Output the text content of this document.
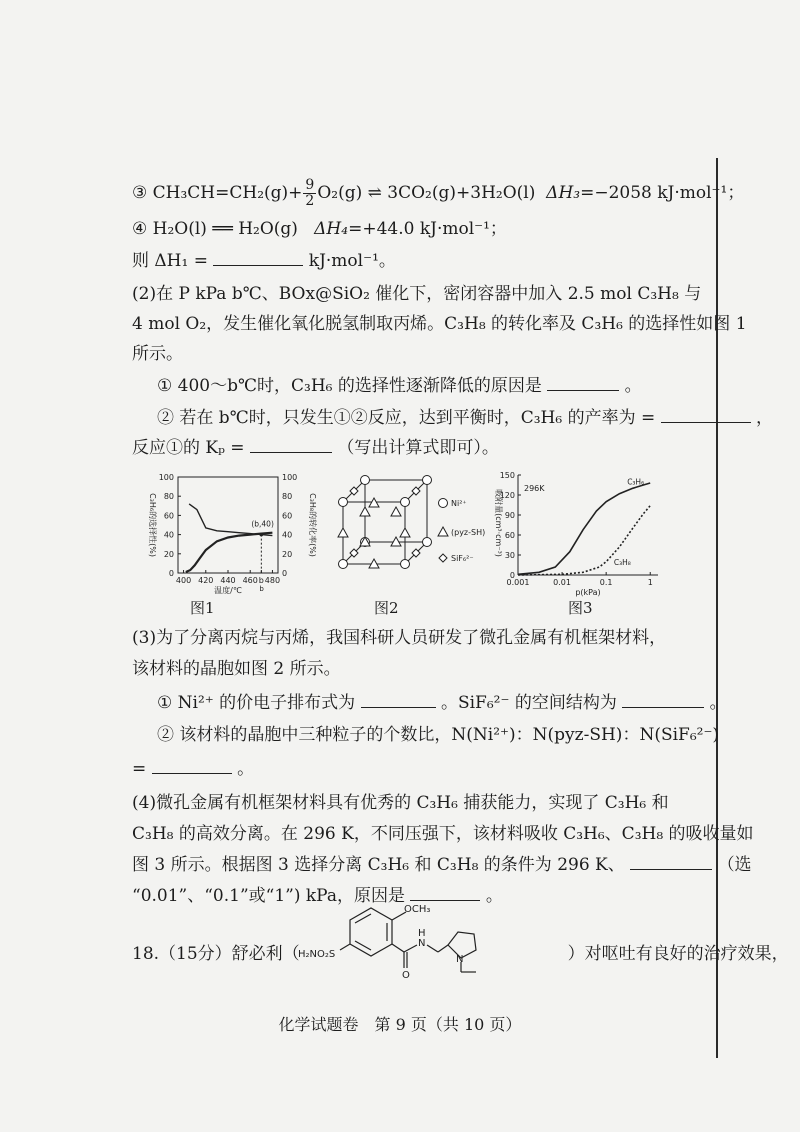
③ $CH_3CH=CH_2(g)+ \frac{9}{2} O_2(g)$ ⇌ 3CO₂(g)+3H₂O(l) ΔH₃=−2058 kJ·mol⁻¹；
④ H₂O(l) ══ H₂O(g) ΔH₄=+44.0 kJ·mol⁻¹；
则 ΔH₁ =	kJ·mol⁻¹。
(2)在 P kPa b℃、BOx@SiO₂ 催化下，密闭容器中加入 2.5 mol C₃H₈ 与
4 mol O₂，发生催化氧化脱氢制取丙烯。C₃H₈ 的转化率及 C₃H₆ 的选择性如图 1
所示。
① 400～b℃时，C₃H₆ 的选择性逐渐降低的原因是	。
② 若在 b℃时，只发生①②反应，达到平衡时，C₃H₆ 的产率为 =	，
反应①的 Kₚ =	（写出计算式即可）。
0	0
20	20
40	40
60	60
80	80
100	100
400 420 440 460 b 480
温度/℃
C₃H₆的选择性(%)	C₃H₈的转化率(%)
(b,40)
b
图1
Ni²⁺
(pyz-SH)
SiF₆²⁻
图2
0
30
60
90
120
150
0.001	0.01	0.1	1
p(kPa)
吸附量(cm³·cm⁻³)
296K
C₃H₆
C₃H₈
图3
(3)为了分离丙烷与丙烯，我国科研人员研发了微孔金属有机框架材料，
该材料的晶胞如图 2 所示。
① Ni²⁺ 的价电子排布式为	。SiF₆²⁻ 的空间结构为	。
② 该材料的晶胞中三种粒子的个数比，N(Ni²⁺)：N(pyz-SH)：N(SiF₆²⁻)
=	。
(4)微孔金属有机框架材料具有优秀的 C₃H₆ 捕获能力，实现了 C₃H₆ 和
C₃H₈ 的高效分离。在 296 K，不同压强下，该材料吸收 C₃H₆、C₃H₈ 的吸收量如
图 3 所示。根据图 3 选择分离 C₃H₆ 和 C₃H₈ 的条件为 296 K、	（选
“0.01”、“0.1”或“1”) kPa，原因是	。
18.（15分）舒必利（	）对呕吐有良好的治疗效果，
OCH₃
H₂NO₂S
N
H
N
O
化学试题卷　第 9 页（共 10 页）
